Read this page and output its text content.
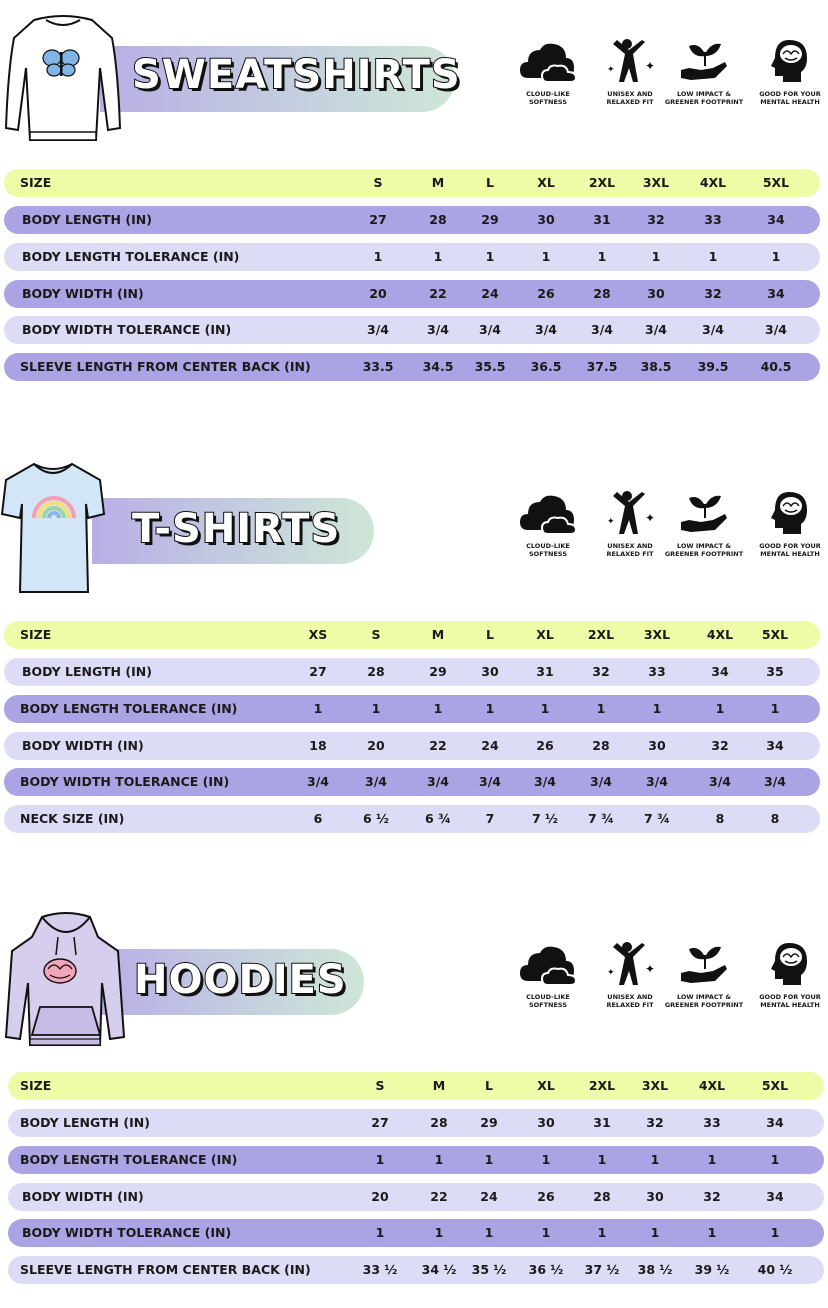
SWEATSHIRTS	CLOUD-LIKE SOFTNESS
✦
✦
UNISEX AND RELAXED FIT
LOW IMPACT & GREENER FOOTPRINT
GOOD FOR YOUR MENTAL HEALTH
SIZE	S	M	L	XL	2XL	3XL	4XL	5XL
BODY LENGTH (IN)	27	28	29	30	31	32	33	34
BODY LENGTH TOLERANCE (IN)	1	1	1	1	1	1	1	1
BODY WIDTH (IN)	20	22	24	26	28	30	32	34
BODY WIDTH TOLERANCE (IN)	3/4	3/4	3/4	3/4	3/4	3/4	3/4	3/4
SLEEVE LENGTH FROM CENTER BACK (IN)	33.5	34.5	35.5	36.5	37.5	38.5	39.5	40.5
T-SHIRTS	CLOUD-LIKE SOFTNESS
✦
✦
UNISEX AND RELAXED FIT
LOW IMPACT & GREENER FOOTPRINT
GOOD FOR YOUR MENTAL HEALTH
SIZE	XS	S	M	L	XL	2XL	3XL	4XL	5XL
BODY LENGTH (IN)	27	28	29	30	31	32	33	34	35
BODY LENGTH TOLERANCE (IN)	1	1	1	1	1	1	1	1	1
BODY WIDTH (IN)	18	20	22	24	26	28	30	32	34
BODY WIDTH TOLERANCE (IN)	3/4	3/4	3/4	3/4	3/4	3/4	3/4	3/4	3/4
NECK SIZE (IN)	6	6 ½	6 ¾	7	7 ½	7 ¾	7 ¾	8	8
HOODIES	CLOUD-LIKE SOFTNESS
✦
✦
UNISEX AND RELAXED FIT
LOW IMPACT & GREENER FOOTPRINT
GOOD FOR YOUR MENTAL HEALTH
SIZE	S	M	L	XL	2XL	3XL	4XL	5XL
BODY LENGTH (IN)	27	28	29	30	31	32	33	34
BODY LENGTH TOLERANCE (IN)	1	1	1	1	1	1	1	1
BODY WIDTH (IN)	20	22	24	26	28	30	32	34
BODY WIDTH TOLERANCE (IN)	1	1	1	1	1	1	1	1
SLEEVE LENGTH FROM CENTER BACK (IN)	33 ½	34 ½	35 ½	36 ½	37 ½	38 ½	39 ½	40 ½
